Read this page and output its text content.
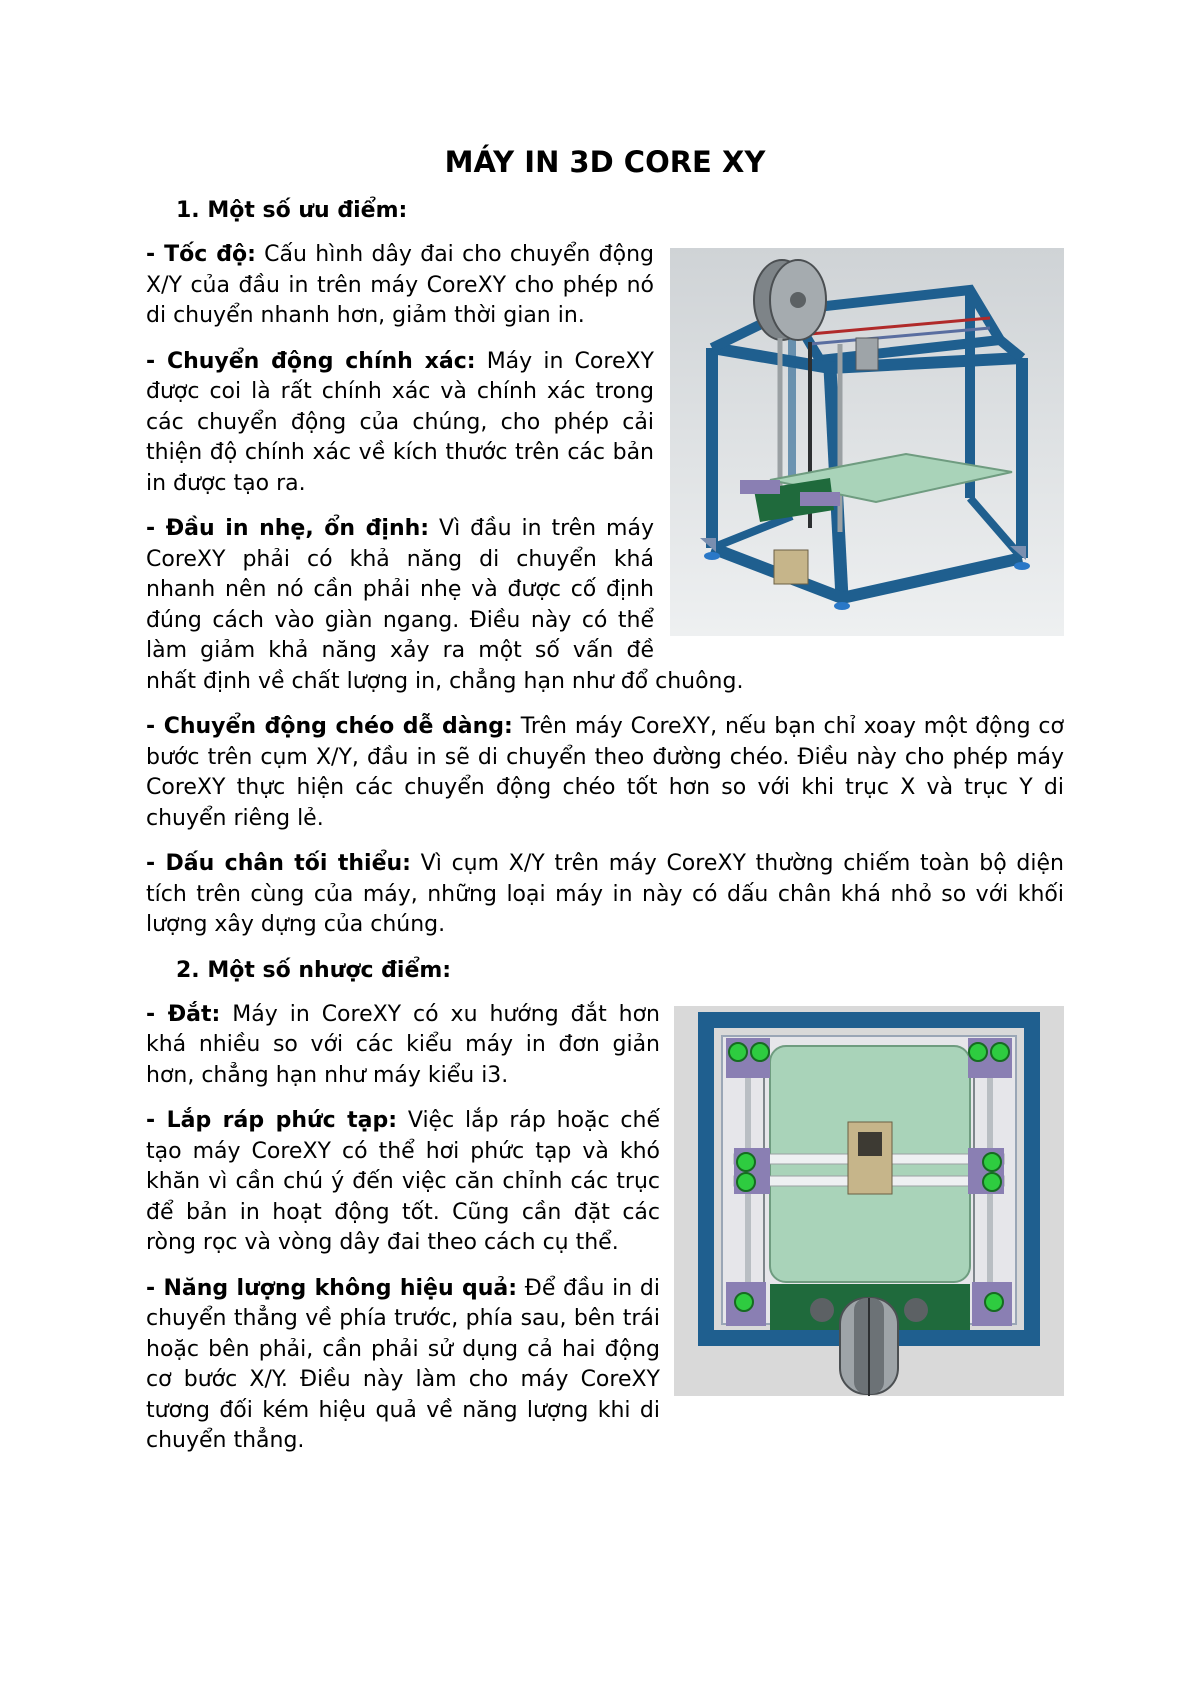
MÁY IN 3D CORE XY
1. Một số ưu điểm:

- Tốc độ: Cấu hình dây đai cho chuyển động X/Y của đầu in trên máy CoreXY cho phép nó di chuyển nhanh hơn, giảm thời gian in.

- Chuyển động chính xác: Máy in CoreXY được coi là rất chính xác và chính xác trong các chuyển động của chúng, cho phép cải thiện độ chính xác về kích thước trên các bản in được tạo ra.

- Đầu in nhẹ, ổn định: Vì đầu in trên máy CoreXY phải có khả năng di chuyển khá nhanh nên nó cần phải nhẹ và được cố định đúng cách vào giàn ngang. Điều này có thể làm giảm khả năng xảy ra một số vấn đề nhất định về chất lượng in, chẳng hạn như đổ chuông.

- Chuyển động chéo dễ dàng: Trên máy CoreXY, nếu bạn chỉ xoay một động cơ bước trên cụm X/Y, đầu in sẽ di chuyển theo đường chéo. Điều này cho phép máy CoreXY thực hiện các chuyển động chéo tốt hơn so với khi trục X và trục Y di chuyển riêng lẻ.

- Dấu chân tối thiểu: Vì cụm X/Y trên máy CoreXY thường chiếm toàn bộ diện tích trên cùng của máy, những loại máy in này có dấu chân khá nhỏ so với khối lượng xây dựng của chúng.

2. Một số nhược điểm:

- Đắt: Máy in CoreXY có xu hướng đắt hơn khá nhiều so với các kiểu máy in đơn giản hơn, chẳng hạn như máy kiểu i3.

- Lắp ráp phức tạp: Việc lắp ráp hoặc chế tạo máy CoreXY có thể hơi phức tạp và khó khăn vì cần chú ý đến việc căn chỉnh các trục để bản in hoạt động tốt. Cũng cần đặt các ròng rọc và vòng dây đai theo cách cụ thể.

- Năng lượng không hiệu quả: Để đầu in di chuyển thẳng về phía trước, phía sau, bên trái hoặc bên phải, cần phải sử dụng cả hai động cơ bước X/Y. Điều này làm cho máy CoreXY tương đối kém hiệu quả về năng lượng khi di chuyển thẳng.
